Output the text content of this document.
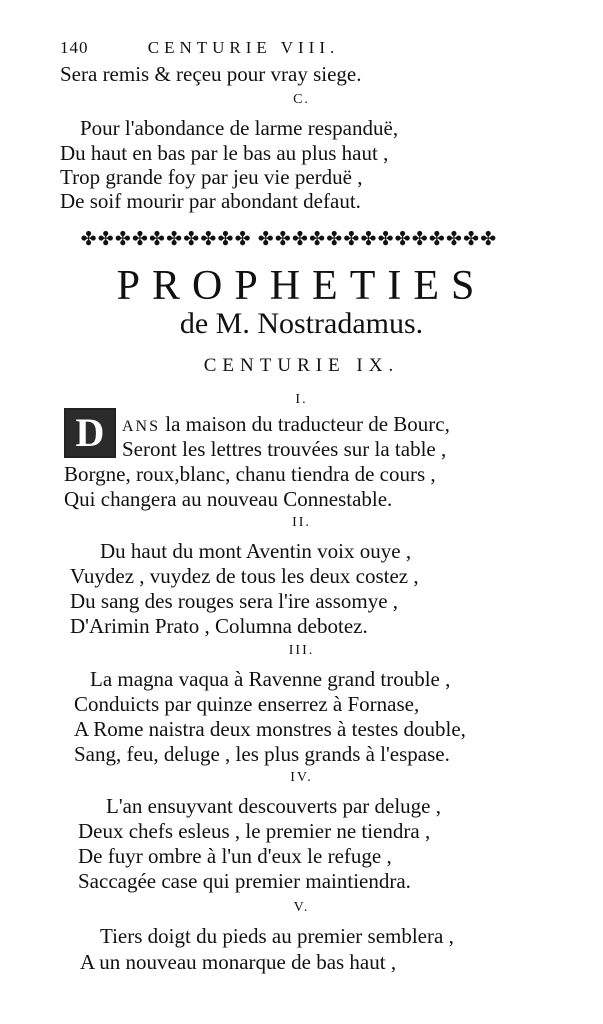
140	CENTURIE VIII.
Sera remis & reçeu pour vray siege.
C.
Pour l'abondance de larme respanduë,
Du haut en bas par le bas au plus haut ,
Trop grande foy par jeu vie perduë ,
De soif mourir par abondant defaut.
✤✤✤✤✤✤✤✤✤✤ ✤✤✤✤✤✤✤✤✤✤✤✤✤✤
PROPHETIES
de M. Nostradamus.
CENTURIE IX.
I.
D	ANS la maison du traducteur de Bourc,
Seront les lettres trouvées sur la table ,
Borgne, roux,blanc, chanu tiendra de cours ,
Qui changera au nouveau Connestable.
II.
Du haut du mont Aventin voix ouye ,
Vuydez , vuydez de tous les deux costez ,
Du sang des rouges sera l'ire assomye ,
D'Arimin Prato , Columna debotez.
III.
La magna vaqua à Ravenne grand trouble ,
Conduicts par quinze enserrez à Fornase,
A Rome naistra deux monstres à testes double,
Sang, feu, deluge , les plus grands à l'espase.
IV.
L'an ensuyvant descouverts par deluge ,
Deux chefs esleus , le premier ne tiendra ,
De fuyr ombre à l'un d'eux le refuge ,
Saccagée case qui premier maintiendra.
V.
Tiers doigt du pieds au premier semblera ,
A un nouveau monarque de bas haut ,
